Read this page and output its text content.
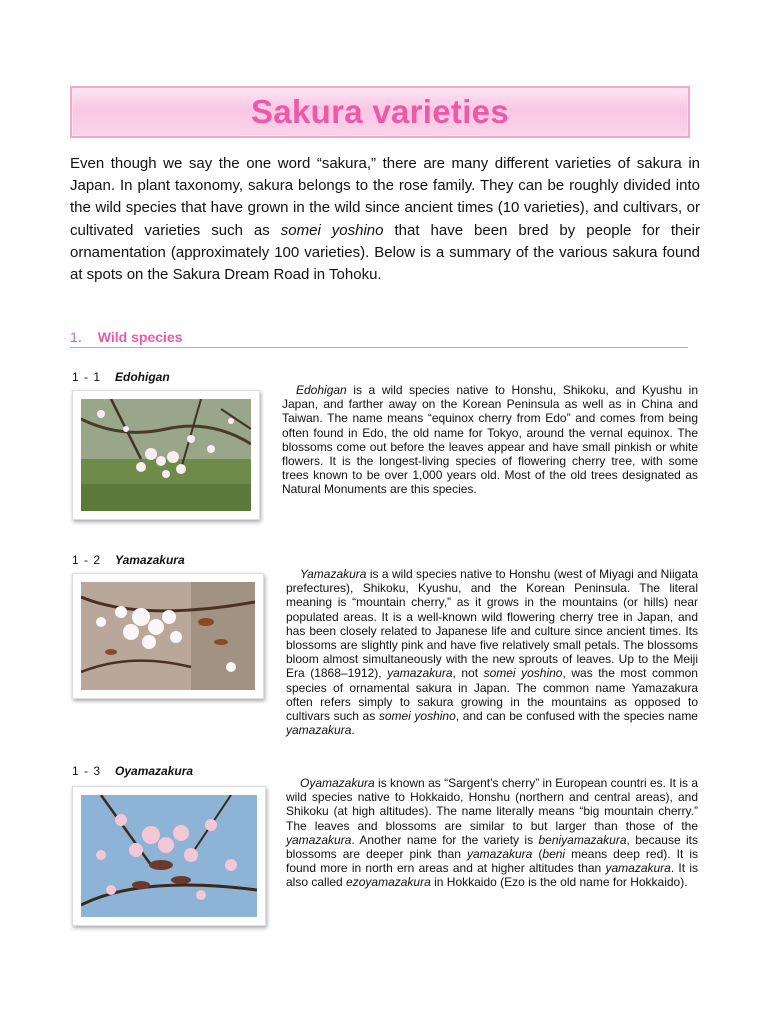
Sakura varieties

Even though we say the one word “sakura,” there are many different varieties of sakura in Japan. In plant taxonomy, sakura belongs to the rose family. They can be roughly divided into the wild species that have grown in the wild since ancient times (10 varieties), and cultivars, or cultivated varieties such as somei yoshino that have been bred by people for their ornamentation (approximately 100 varieties). Below is a summary of the various sakura found at spots on the Sakura Dream Road in Tohoku.

1． Wild species
1 - 1 Edohigan

Edohigan is a wild species native to Honshu, Shikoku, and Kyushu in Japan, and farther away on the Korean Peninsula as well as in China and Taiwan. The name means “equinox cherry from Edo” and comes from being often found in Edo, the old name for Tokyo, around the vernal equinox. The blossoms come out before the leaves appear and have small pinkish or white flowers. It is the longest-living species of flowering cherry tree, with some trees known to be over 1,000 years old. Most of the old trees designated as Natural Monuments are this species.

1 - 2 Yamazakura

Yamazakura is a wild species native to Honshu (west of Miyagi and Niigata prefectures), Shikoku, Kyushu, and the Korean Peninsula. The literal meaning is “mountain cherry,” as it grows in the mountains (or hills) near populated areas. It is a well-known wild flowering cherry tree in Japan, and has been closely related to Japanese life and culture since ancient times. Its blossoms are slightly pink and have five relatively small petals. The blossoms bloom almost simultaneously with the new sprouts of leaves. Up to the Meiji Era (1868–1912), yamazakura, not somei yoshino, was the most common species of ornamental sakura in Japan. The common name Yamazakura often refers simply to sakura growing in the mountains as opposed to cultivars such as somei yoshino, and can be confused with the species name yamazakura.

1 - 3 Oyamazakura

Oyamazakura is known as “Sargent’s cherry” in European countri es. It is a wild species native to Hokkaido, Honshu (northern and central areas), and Shikoku (at high altitudes). The name literally means “big mountain cherry.” The leaves and blossoms are similar to but larger than those of the yamazakura. Another name for the variety is beniyamazakura, because its blossoms are deeper pink than yamazakura (beni means deep red). It is found more in north ern areas and at higher altitudes than yamazakura. It is also called ezoyamazakura in Hokkaido (Ezo is the old name for Hokkaido).
